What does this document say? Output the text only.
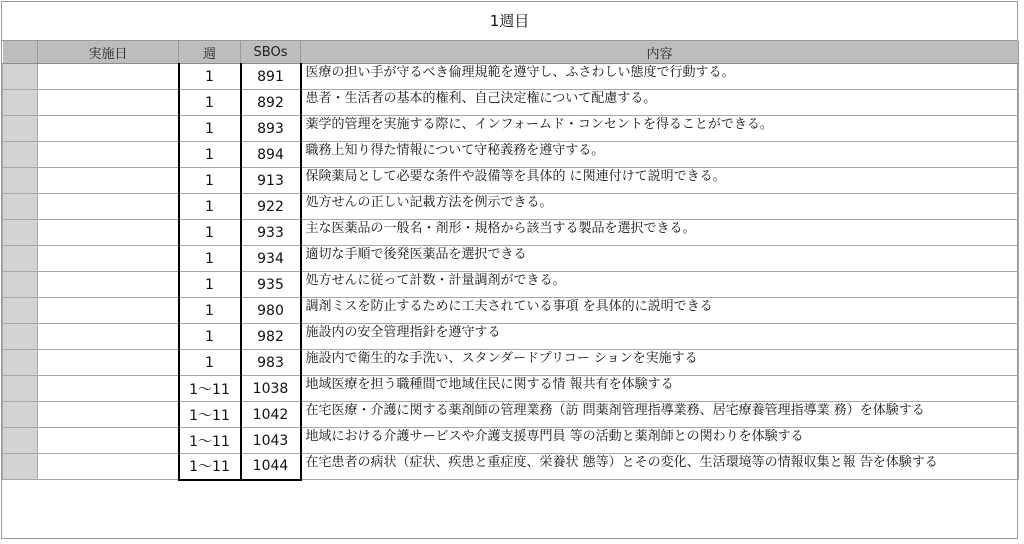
1週目
	実施日	週	SBOs	内容
		1	891	医療の担い手が守るべき倫理規範を遵守し、ふさわしい態度で行動する。
		1	892	患者・生活者の基本的権利、自己決定権について配慮する。
		1	893	薬学的管理を実施する際に、インフォームド・コンセントを得ることができる。
		1	894	職務上知り得た情報について守秘義務を遵守する。
		1	913	保険薬局として必要な条件や設備等を具体的 に関連付けて説明できる。
		1	922	処方せんの正しい記載方法を例示できる。
		1	933	主な医薬品の一般名・剤形・規格から該当する製品を選択できる。
		1	934	適切な手順で後発医薬品を選択できる
		1	935	処方せんに従って計数・計量調剤ができる。
		1	980	調剤ミスを防止するために工夫されている事項 を具体的に説明できる
		1	982	施設内の安全管理指針を遵守する
		1	983	施設内で衛生的な手洗い、スタンダードプリコー ションを実施する
		1〜11	1038	地域医療を担う職種間で地域住民に関する情 報共有を体験する
		1〜11	1042	在宅医療・介護に関する薬剤師の管理業務（訪 問薬剤管理指導業務、居宅療養管理指導業 務）を体験する
		1〜11	1043	地域における介護サービスや介護支援専門員 等の活動と薬剤師との関わりを体験する
		1〜11	1044	在宅患者の病状（症状、疾患と重症度、栄養状 態等）とその変化、生活環境等の情報収集と報 告を体験する
